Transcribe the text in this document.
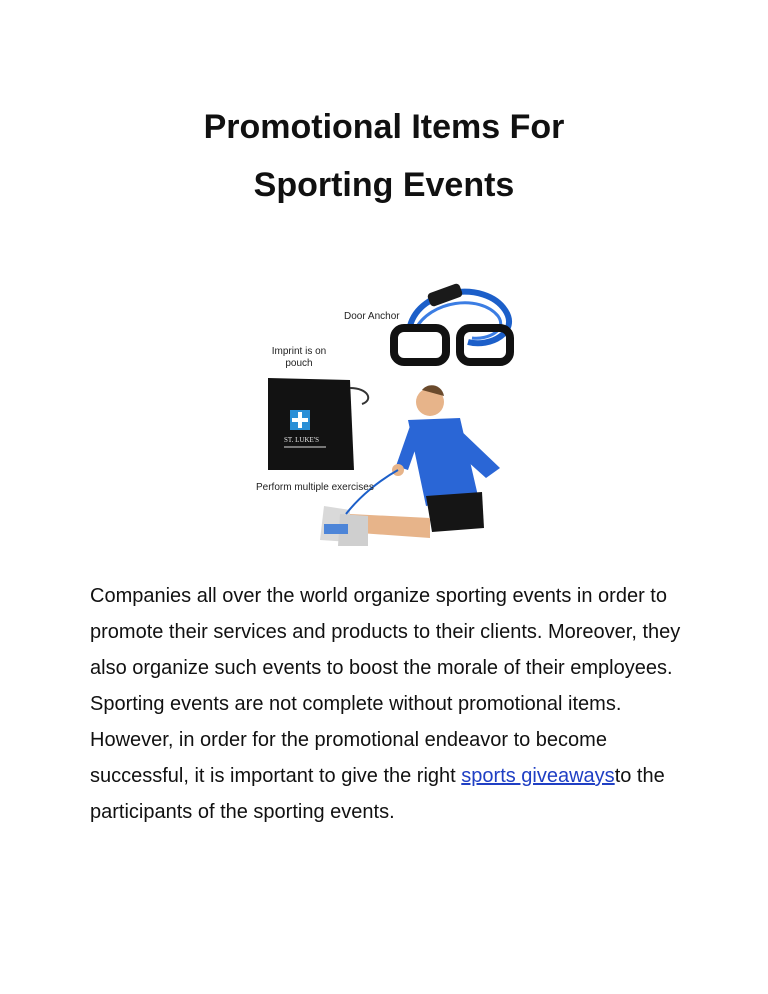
Promotional Items For
Sporting Events
ST. LUKE'S
Door Anchor
Imprint is on
pouch
Perform multiple exercises
Companies all over the world organize sporting events in order to promote their services and products to their clients. Moreover, they also organize such events to boost the morale of their employees. Sporting events are not complete without promotional items. However, in order for the promotional endeavor to become successful, it is important to give the right sports giveawaysto the participants of the sporting events.
